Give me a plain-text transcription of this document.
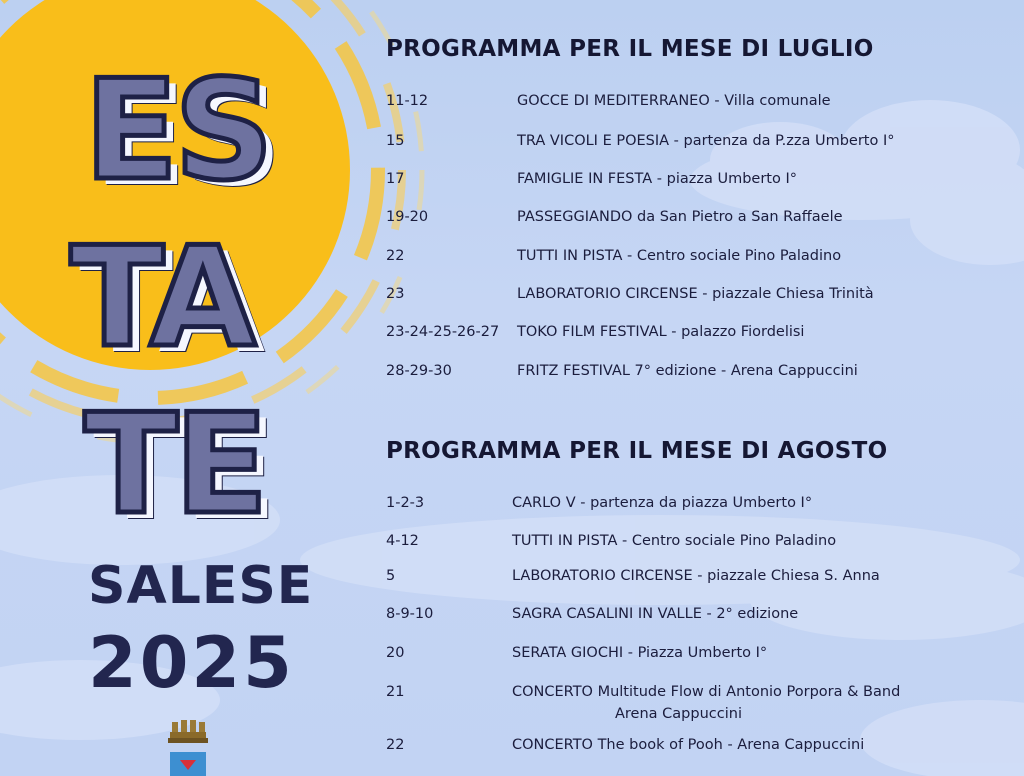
ES
TA
TE
SALESE
2025
PROGRAMMA PER IL MESE DI LUGLIO
11-12	GOCCE DI MEDITERRANEO - Villa comunale
15	TRA VICOLI E POESIA - partenza da P.zza Umberto I°
17	FAMIGLIE IN FESTA - piazza Umberto I°
19-20	PASSEGGIANDO da San Pietro a San Raffaele
22	TUTTI IN PISTA - Centro sociale Pino Paladino
23	LABORATORIO CIRCENSE - piazzale Chiesa Trinità
23-24-25-26-27 TOKO FILM FESTIVAL - palazzo Fiordelisi
28-29-30	FRITZ FESTIVAL 7° edizione - Arena Cappuccini
PROGRAMMA PER IL MESE DI AGOSTO
1-2-3	CARLO V - partenza da piazza Umberto I°
4-12	TUTTI IN PISTA - Centro sociale Pino Paladino
5	LABORATORIO CIRCENSE - piazzale Chiesa S. Anna
8-9-10	SAGRA CASALINI IN VALLE - 2° edizione
20	SERATA GIOCHI - Piazza Umberto I°
21	CONCERTO Multitude Flow di Antonio Porpora & Band
Arena Cappuccini
22	CONCERTO The book of Pooh - Arena Cappuccini
